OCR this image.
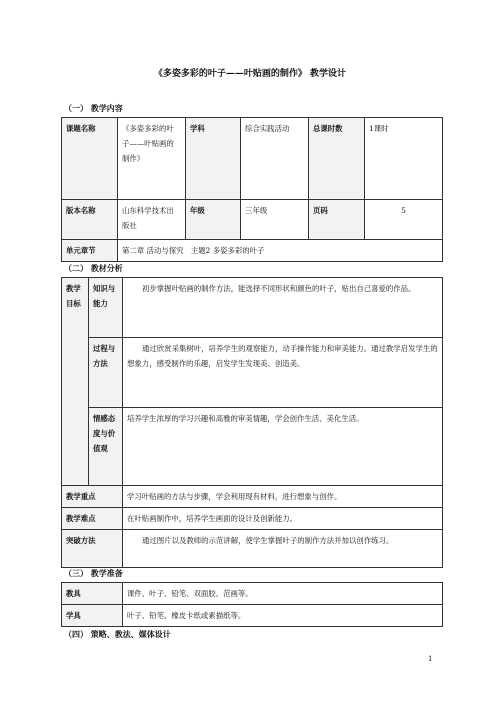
《多姿多彩的叶子——叶贴画的制作》 教学设计
（一） 教学内容
课题名称	《多姿多彩的叶子——叶贴画的制作》	学科	综合实践活动	总课时数	1课时
版本名称	山东科学技术出版社	年级	三年级	页码	5
单元章节	第二章 活动与探究　主题2 多姿多彩的叶子				
（二） 教材分析
教学目标	知识与能力	初步掌握叶贴画的制作方法，能选择不同形状和颜色的叶子，贴出自己喜爱的作品。
	过程与方法	通过欣赏采集树叶，培养学生的观察能力，动手操作能力和审美能力。通过教学启发学生的想象力，感受制作的乐趣，启发学生发现美、创造美。
	情感态度与价值观	培养学生浓厚的学习兴趣和高雅的审美情趣，学会创作生活、美化生活。
教学重点		学习叶贴画的方法与步骤，学会利用现有材料，进行想象与创作。
教学难点		在叶贴画制作中，培养学生画面的设计及创新能力。
突破方法		通过图片以及教师的示范讲解，使学生掌握叶子的制作方法并加以创作练习。
（三） 教学准备
教具	课件、叶子、铅笔、双面胶、范画等。
学具	叶子、铅笔、橡皮卡纸或素描纸等。
（四） 策略、教法、媒体设计
1
